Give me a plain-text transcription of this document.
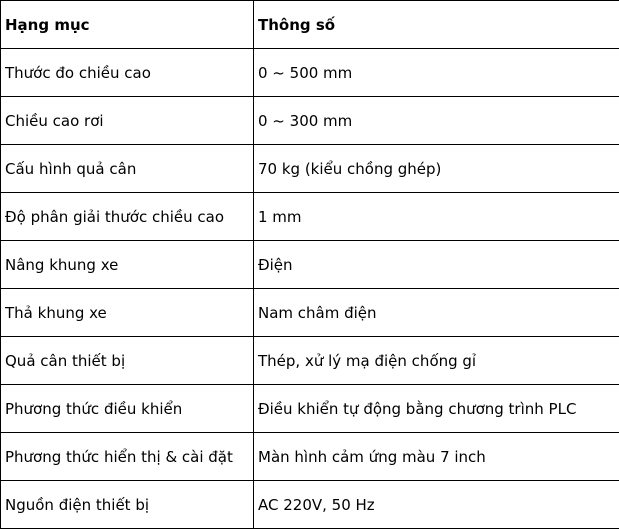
Hạng mục	Thông số
Thước đo chiều cao	0 ~ 500 mm
Chiều cao rơi	0 ~ 300 mm
Cấu hình quả cân	70 kg (kiểu chồng ghép)
Độ phân giải thước chiều cao	1 mm
Nâng khung xe	Điện
Thả khung xe	Nam châm điện
Quả cân thiết bị	Thép, xử lý mạ điện chống gỉ
Phương thức điều khiển	Điều khiển tự động bằng chương trình PLC
Phương thức hiển thị & cài đặt	Màn hình cảm ứng màu 7 inch
Nguồn điện thiết bị	AC 220V, 50 Hz
